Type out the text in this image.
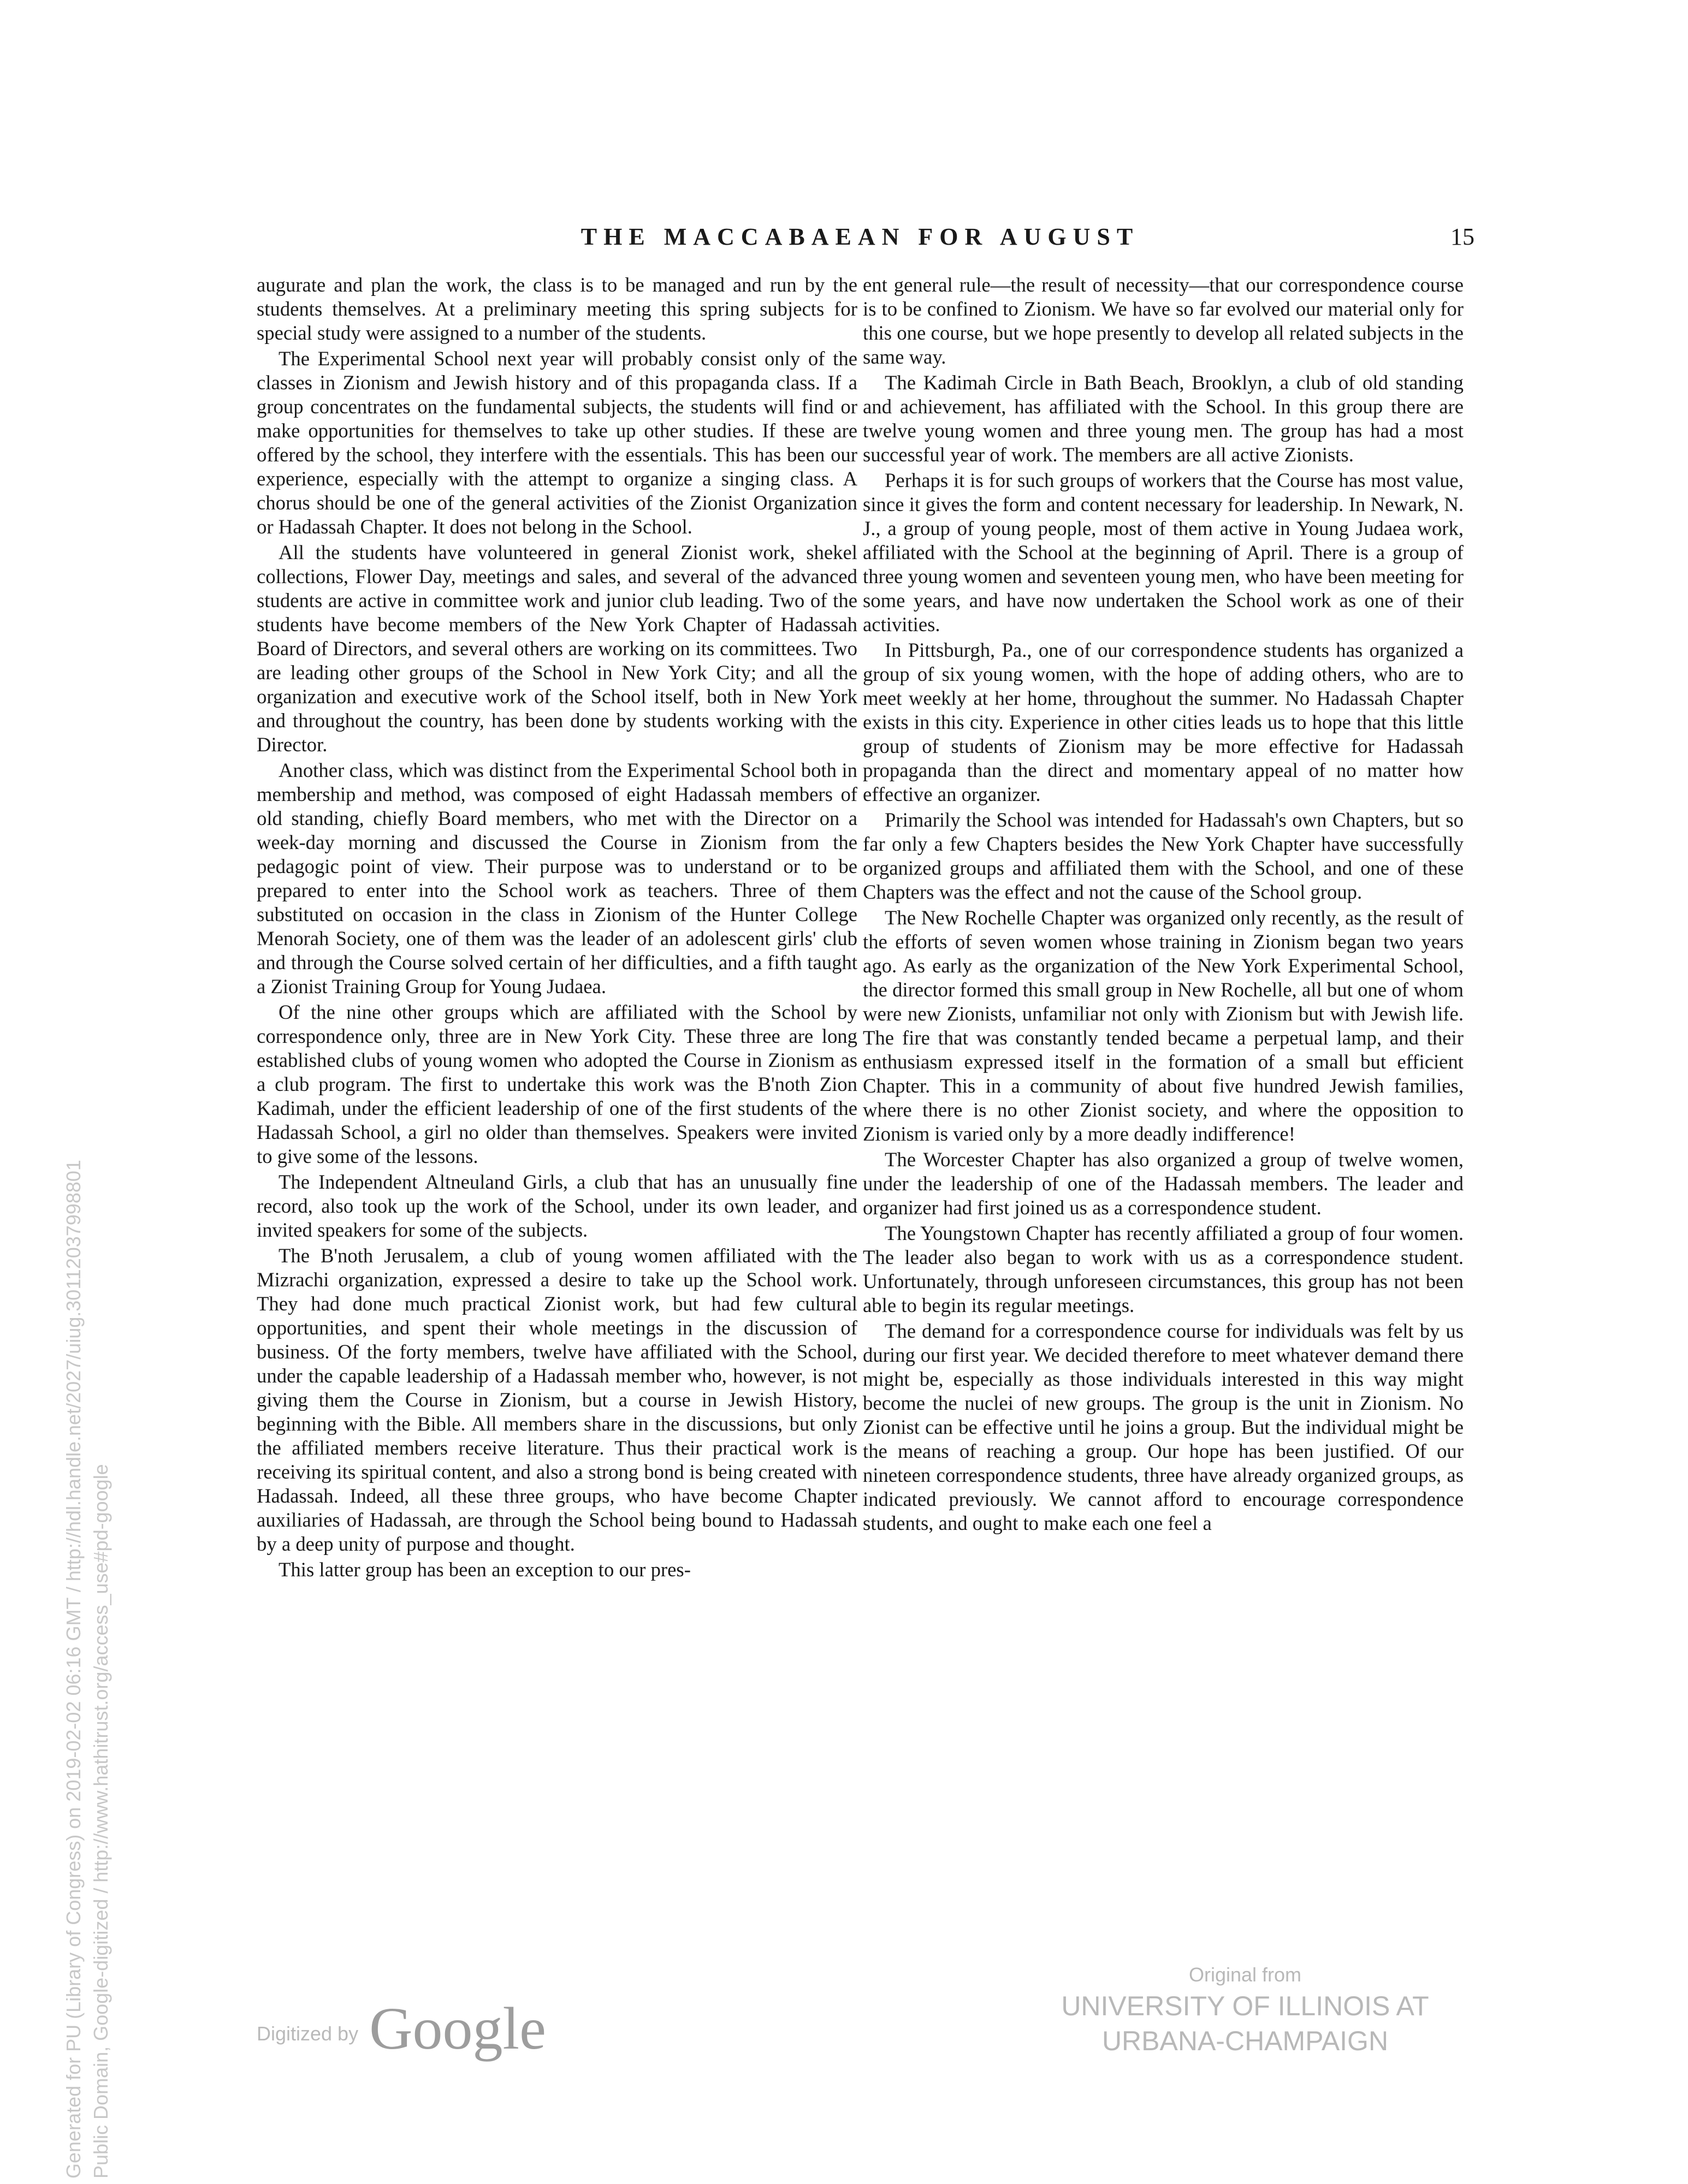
THE MACCABAEAN FOR AUGUST	15

augurate and plan the work, the class is to be managed and run by the students themselves. At a preliminary meeting this spring subjects for special study were assigned to a number of the students.

The Experimental School next year will probably consist only of the classes in Zionism and Jewish history and of this propaganda class. If a group concentrates on the fundamental subjects, the students will find or make opportunities for themselves to take up other studies. If these are offered by the school, they interfere with the essentials. This has been our experience, especially with the attempt to organize a singing class. A chorus should be one of the general activities of the Zionist Organization or Hadassah Chapter. It does not belong in the School.

All the students have volunteered in general Zionist work, shekel collections, Flower Day, meetings and sales, and several of the advanced students are active in committee work and junior club leading. Two of the students have become members of the New York Chapter of Hadassah Board of Directors, and several others are working on its committees. Two are leading other groups of the School in New York City; and all the organization and executive work of the School itself, both in New York and throughout the country, has been done by students working with the Director.

Another class, which was distinct from the Experimental School both in membership and method, was composed of eight Hadassah members of old standing, chiefly Board members, who met with the Director on a week-day morning and discussed the Course in Zionism from the pedagogic point of view. Their purpose was to understand or to be prepared to enter into the School work as teachers. Three of them substituted on occasion in the class in Zionism of the Hunter College Menorah Society, one of them was the leader of an adolescent girls' club and through the Course solved certain of her difficulties, and a fifth taught a Zionist Training Group for Young Judaea.

Of the nine other groups which are affiliated with the School by correspondence only, three are in New York City. These three are long established clubs of young women who adopted the Course in Zionism as a club program. The first to undertake this work was the B'noth Zion Kadimah, under the efficient leadership of one of the first students of the Hadassah School, a girl no older than themselves. Speakers were invited to give some of the lessons.

The Independent Altneuland Girls, a club that has an unusually fine record, also took up the work of the School, under its own leader, and invited speakers for some of the subjects.

The B'noth Jerusalem, a club of young women affiliated with the Mizrachi organization, expressed a desire to take up the School work. They had done much practical Zionist work, but had few cultural opportunities, and spent their whole meetings in the discussion of business. Of the forty members, twelve have affiliated with the School, under the capable leadership of a Hadassah member who, however, is not giving them the Course in Zionism, but a course in Jewish History, beginning with the Bible. All members share in the discussions, but only the affiliated members receive literature. Thus their practical work is receiving its spiritual content, and also a strong bond is being created with Hadassah. Indeed, all these three groups, who have become Chapter auxiliaries of Hadassah, are through the School being bound to Hadassah by a deep unity of purpose and thought.

This latter group has been an exception to our pres-

ent general rule—the result of necessity—that our correspondence course is to be confined to Zionism. We have so far evolved our material only for this one course, but we hope presently to develop all related subjects in the same way.

The Kadimah Circle in Bath Beach, Brooklyn, a club of old standing and achievement, has affiliated with the School. In this group there are twelve young women and three young men. The group has had a most successful year of work. The members are all active Zionists.

Perhaps it is for such groups of workers that the Course has most value, since it gives the form and content necessary for leadership. In Newark, N. J., a group of young people, most of them active in Young Judaea work, affiliated with the School at the beginning of April. There is a group of three young women and seventeen young men, who have been meeting for some years, and have now undertaken the School work as one of their activities.

In Pittsburgh, Pa., one of our correspondence students has organized a group of six young women, with the hope of adding others, who are to meet weekly at her home, throughout the summer. No Hadassah Chapter exists in this city. Experience in other cities leads us to hope that this little group of students of Zionism may be more effective for Hadassah propaganda than the direct and momentary appeal of no matter how effective an organizer.

Primarily the School was intended for Hadassah's own Chapters, but so far only a few Chapters besides the New York Chapter have successfully organized groups and affiliated them with the School, and one of these Chapters was the effect and not the cause of the School group.

The New Rochelle Chapter was organized only recently, as the result of the efforts of seven women whose training in Zionism began two years ago. As early as the organization of the New York Experimental School, the director formed this small group in New Rochelle, all but one of whom were new Zionists, unfamiliar not only with Zionism but with Jewish life. The fire that was constantly tended became a perpetual lamp, and their enthusiasm expressed itself in the formation of a small but efficient Chapter. This in a community of about five hundred Jewish families, where there is no other Zionist society, and where the opposition to Zionism is varied only by a more deadly indifference!

The Worcester Chapter has also organized a group of twelve women, under the leadership of one of the Hadassah members. The leader and organizer had first joined us as a correspondence student.

The Youngstown Chapter has recently affiliated a group of four women. The leader also began to work with us as a correspondence student. Unfortunately, through unforeseen circumstances, this group has not been able to begin its regular meetings.

The demand for a correspondence course for individuals was felt by us during our first year. We decided therefore to meet whatever demand there might be, especially as those individuals interested in this way might become the nuclei of new groups. The group is the unit in Zionism. No Zionist can be effective until he joins a group. But the individual might be the means of reaching a group. Our hope has been justified. Of our nineteen correspondence students, three have already organized groups, as indicated previously. We cannot afford to encourage correspondence students, and ought to make each one feel a

Generated for PU (Library of Congress) on 2019-02-02 06:16 GMT / http://hdl.handle.net/2027/uiug.30112037998801 Public Domain, Google-digitized / http://www.hathitrust.org/access_use#pd-google	Digitized by Google
Original from
UNIVERSITY OF ILLINOIS AT
URBANA-CHAMPAIGN
